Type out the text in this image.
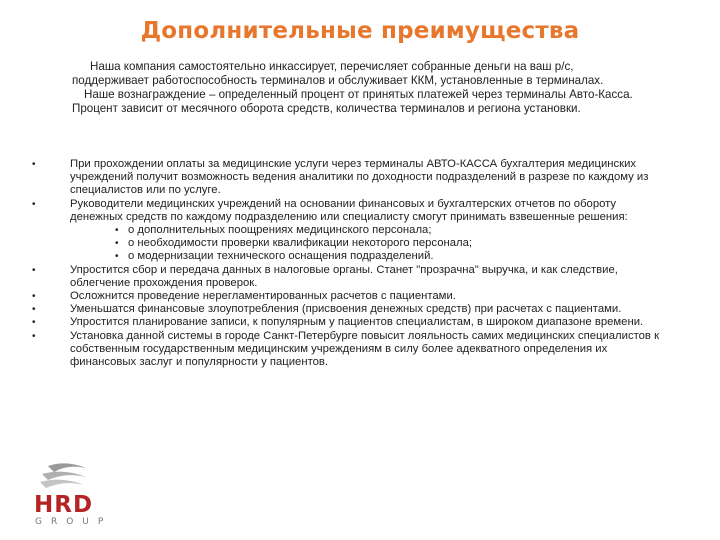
Дополнительные преимущества

Наша компания самостоятельно инкассирует, перечисляет собранные деньги на ваш р/с, поддерживает работоспособность терминалов и обслуживает ККМ, установленные в терминалах.

Наше вознаграждение – определенный процент от принятых платежей через терминалы Авто-Касса. Процент зависит от месячного оборота средств, количества терминалов и региона установки.

•	При прохождении оплаты за медицинские услуги через терминалы АВТО-КАССА бухгалтерия медицинских учреждений получит возможность ведения аналитики по доходности подразделений в разрезе по каждому из специалистов или по услуге.
•	Руководители медицинских учреждений на основании финансовых и бухгалтерских отчетов по обороту денежных средств по каждому подразделению или специалисту смогут принимать взвешенные решения:
• о дополнительных поощрениях медицинского персонала;
• о необходимости проверки квалификации некоторого персонала;
• о модернизации технического оснащения подразделений.
•	Упростится сбор и передача данных в налоговые органы. Станет "прозрачна" выручка, и как следствие, облегчение прохождения проверок.
•	Осложнится проведение нерегламентированных расчетов с пациентами.
•	Уменьшатся финансовые злоупотребления (присвоения денежных средств) при расчетах с пациентами.
•	Упростится планирование записи, к популярным у пациентов специалистам, в широком диапазоне времени.
•	Установка данной системы в городе Санкт-Петербурге повысит лояльность самих медицинских специалистов к собственным государственным медицинским учреждениям в силу более адекватного определения их финансовых заслуг и популярности у пациентов.
HRD
GROUP
